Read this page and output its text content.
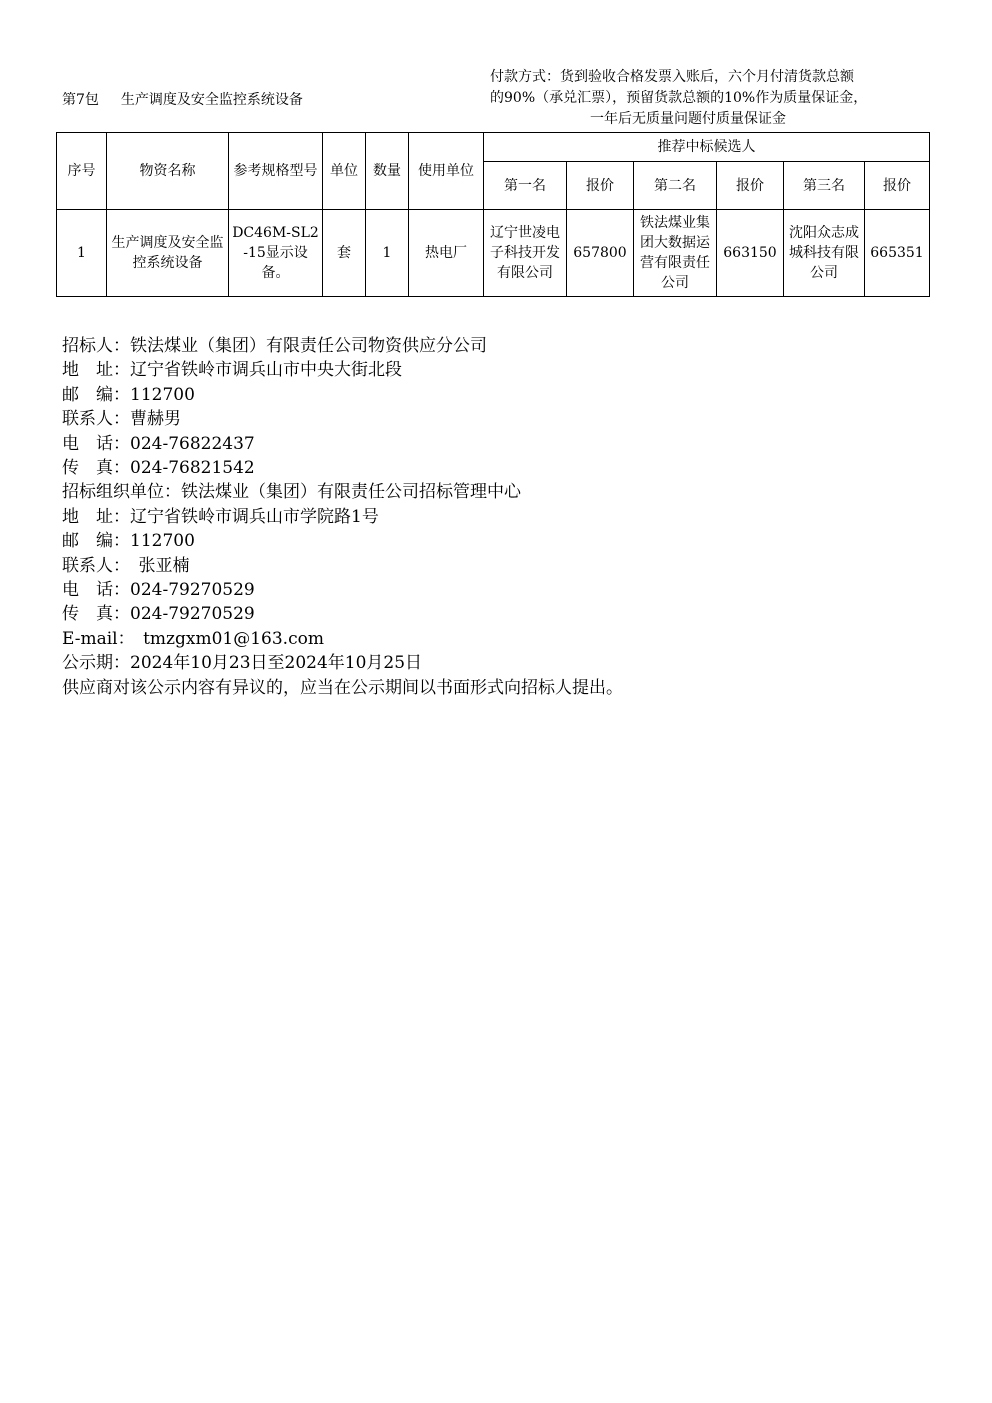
第7包 生产调度及安全监控系统设备
付款方式：货到验收合格发票入账后，六个月付清货款总额
的90%（承兑汇票），预留货款总额的10%作为质量保证金，

一年后无质量问题付质量保证金
序号	物资名称	参考规格型号	单位	数量	使用单位	推荐中标候选人					
						第一名	报价	第二名	报价	第三名	报价
1	生产调度及安全监控系统设备	DC46M-SL2-15显示设备。	套	1	热电厂	辽宁世凌电子科技开发有限公司	657800	铁法煤业集团大数据运营有限责任公司	663150	沈阳众志成城科技有限公司	665351
招标人：铁法煤业（集团）有限责任公司物资供应分公司
地　址：辽宁省铁岭市调兵山市中央大街北段
邮　编：112700
联系人：曹赫男
电　话：024-76822437
传　真：024-76821542
招标组织单位：铁法煤业（集团）有限责任公司招标管理中心
地　址：辽宁省铁岭市调兵山市学院路1号
邮　编：112700
联系人：　张亚楠
电　话：024-79270529
传　真：024-79270529
E-mail：　tmzgxm01@163.com
公示期：2024年10月23日至2024年10月25日
供应商对该公示内容有异议的，应当在公示期间以书面形式向招标人提出。
